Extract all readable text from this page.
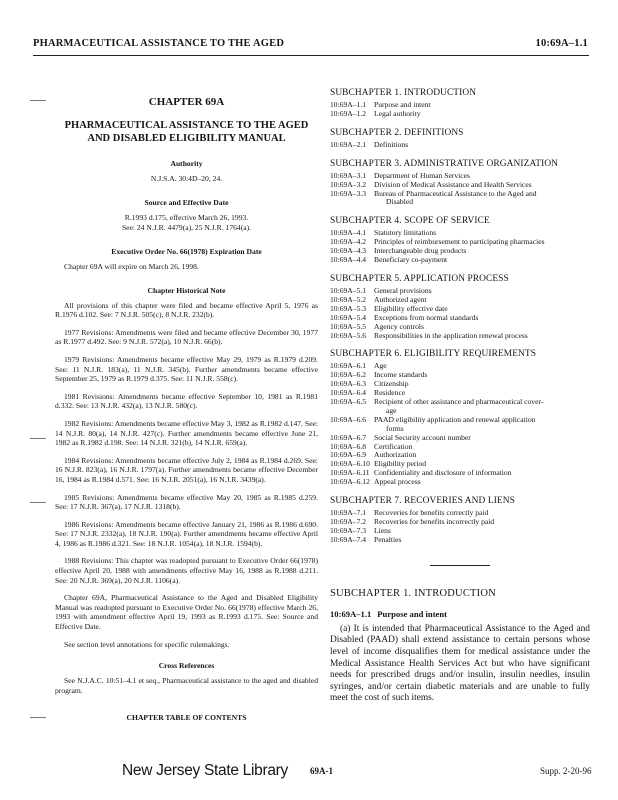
PHARMACEUTICAL ASSISTANCE TO THE AGED	10:69A–1.1
CHAPTER 69A
PHARMACEUTICAL ASSISTANCE TO THE AGED
AND DISABLED ELIGIBILITY MANUAL
Authority
N.J.S.A. 30:4D–20, 24.
Source and Effective Date
R.1993 d.175, effective March 26, 1993.
See: 24 N.J.R. 4479(a), 25 N.J.R. 1764(a).
Executive Order No. 66(1978) Expiration Date

Chapter 69A will expire on March 26, 1998.

Chapter Historical Note

All provisions of this chapter were filed and became effective April 5, 1976 as R.1976 d.102. See: 7 N.J.R. 505(c), 8 N.J.R. 232(b).

1977 Revisions: Amendments were filed and became effective December 30, 1977 as R.1977 d.492. See: 9 N.J.R. 572(a), 10 N.J.R. 66(b).

1979 Revisions: Amendments became effective May 29, 1979 as R.1979 d.209. See: 11 N.J.R. 183(a), 11 N.J.R. 345(b). Further amendments became effective September 25, 1979 as R.1979 d.375. See: 11 N.J.R. 558(c).

1981 Revisions: Amendments became effective September 10, 1981 as R.1981 d.332. See: 13 N.J.R. 432(a), 13 N.J.R. 580(c).

1982 Revisions: Amendments became effective May 3, 1982 as R.1982 d.147. See: 14 N.J.R. 80(a), 14 N.J.R. 427(c). Further amendments became effective June 21, 1982 as R.1982 d.198. See: 14 N.J.R. 321(b), 14 N.J.R. 659(a).

1984 Revisions: Amendments became effective July 2, 1984 as R.1984 d.269. See: 16 N.J.R. 823(a), 16 N.J.R. 1797(a). Further amendments became effective December 16, 1984 as R.1984 d.571. See: 16 N.J.R. 2051(a), 16 N.J.R. 3439(a).

1985 Revisions: Amendments became effective May 20, 1985 as R.1985 d.259. See: 17 N.J.R. 367(a), 17 N.J.R. 1318(b).

1986 Revisions: Amendments became effective January 21, 1986 as R.1986 d.690. See: 17 N.J.R. 2332(a), 18 N.J.R. 190(a). Further amendments became effective April 4, 1986 as R.1986 d.321. See: 18 N.J.R. 1054(a), 18 N.J.R. 1594(b).

1988 Revisions: This chapter was readopted pursuant to Executive Order 66(1978) effective April 20, 1988 with amendments effective May 16, 1988 as R.1988 d.211. See: 20 N.J.R. 369(a), 20 N.J.R. 1106(a).

Chapter 69A, Pharmaceutical Assistance to the Aged and Disabled Eligibility Manual was readopted pursuant to Executive Order No. 66(1978) effective March 26, 1993 with amendment effective April 19, 1993 as R.1993 d.175. See: Source and Effective Date.

See section level annotations for specific rulemakings.

Cross References

See N.J.A.C. 10:51–4.1 et seq., Pharmaceutical assistance to the aged and disabled program.

CHAPTER TABLE OF CONTENTS
SUBCHAPTER 1. INTRODUCTION
10:69A–1.1	Purpose and intent
10:69A–1.2	Legal authority
SUBCHAPTER 2. DEFINITIONS
10:69A–2.1	Definitions
SUBCHAPTER 3. ADMINISTRATIVE ORGANIZATION
10:69A–3.1	Department of Human Services
10:69A–3.2	Division of Medical Assistance and Health Services
10:69A–3.3	Bureau of Pharmaceutical Assistance to the Aged and
Disabled
SUBCHAPTER 4. SCOPE OF SERVICE
10:69A–4.1	Statutory limitations
10:69A–4.2	Principles of reimbursement to participating pharmacies
10:69A–4.3	Interchangeable drug products
10:69A–4.4	Beneficiary co-payment
SUBCHAPTER 5. APPLICATION PROCESS
10:69A–5.1	General provisions
10:69A–5.2	Authorized agent
10:69A–5.3	Eligibility effective date
10:69A–5.4	Exceptions from normal standards
10:69A–5.5	Agency controls
10:69A–5.6	Responsibilities in the application renewal process
SUBCHAPTER 6. ELIGIBILITY REQUIREMENTS
10:69A–6.1	Age
10:69A–6.2	Income standards
10:69A–6.3	Citizenship
10:69A–6.4	Residence
10:69A–6.5	Recipient of other assistance and pharmaceutical cover-
age
10:69A–6.6	PAAD eligibility application and renewal application
forms
10:69A–6.7	Social Security account number
10:69A–6.8	Certification
10:69A–6.9	Authorization
10:69A–6.10 Eligibility period
10:69A–6.11 Confidentiality and disclosure of information
10:69A–6.12 Appeal process
SUBCHAPTER 7. RECOVERIES AND LIENS
10:69A–7.1	Recoveries for benefits correctly paid
10:69A–7.2	Recoveries for benefits incorrectly paid
10:69A–7.3	Liens
10:69A–7.4	Penalties
SUBCHAPTER 1. INTRODUCTION
10:69A–1.1 Purpose and intent

(a) It is intended that Pharmaceutical Assistance to the Aged and Disabled (PAAD) shall extend assistance to certain persons whose level of income disqualifies them for medical assistance under the Medical Assistance Health Services Act but who have significant needs for prescribed drugs and/or insulin, insulin needles, insulin syringes, and/or certain diabetic materials and are unable to fully meet the cost of such items.

New Jersey State Library 69A-1	Supp. 2-20-96
